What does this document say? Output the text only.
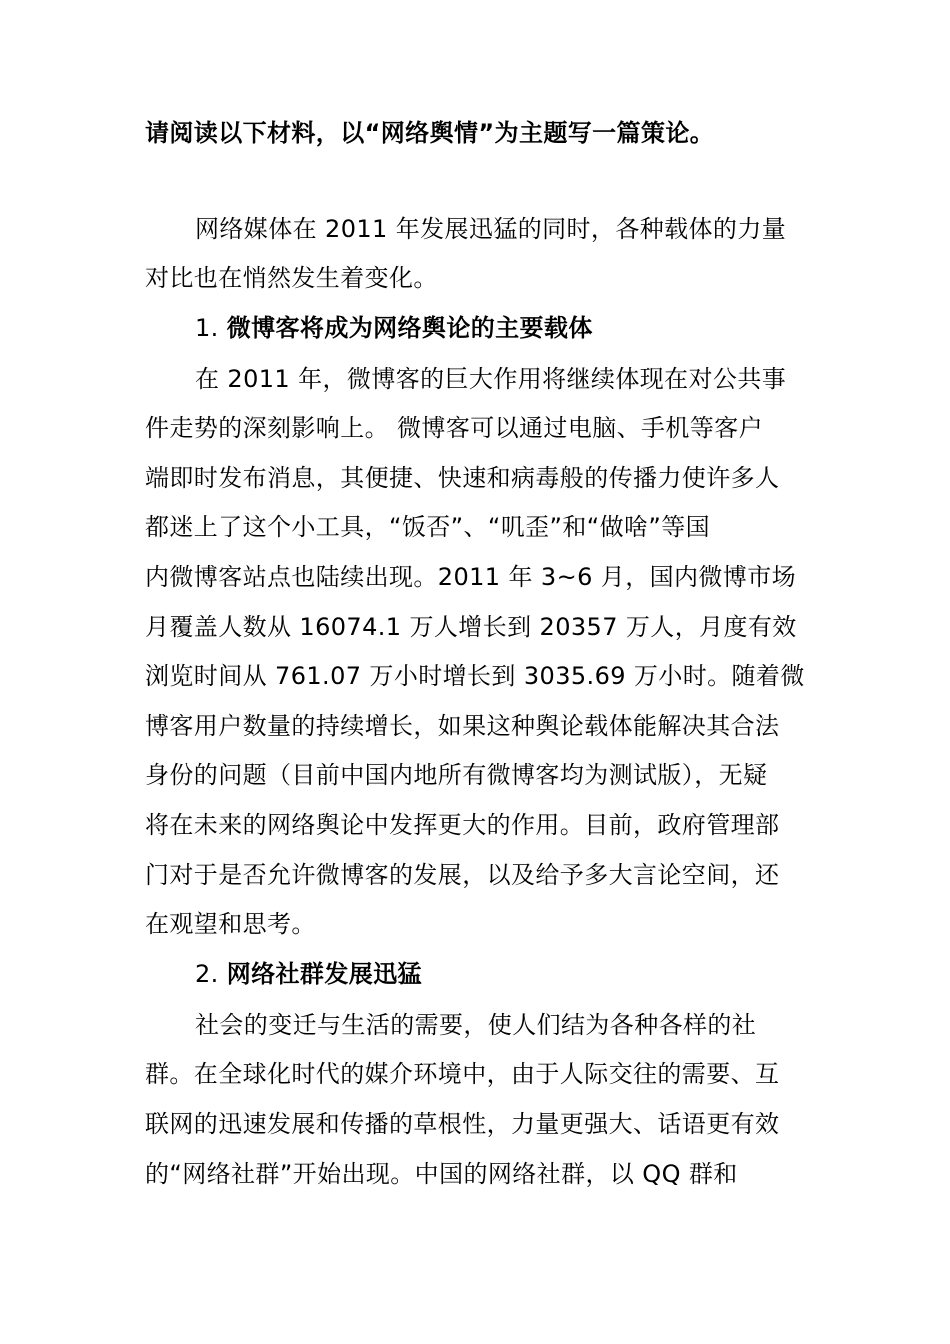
请阅读以下材料，以“网络舆情”为主题写一篇策论。
网络媒体在 2011 年发展迅猛的同时，各种载体的力量
对比也在悄然发生着变化。
1. 微博客将成为网络舆论的主要载体
在 2011 年，微博客的巨大作用将继续体现在对公共事
件走势的深刻影响上。 微博客可以通过电脑、手机等客户
端即时发布消息，其便捷、快速和病毒般的传播力使许多人
都迷上了这个小工具，“饭否”、“叽歪”和“做啥”等国
内微博客站点也陆续出现。2011 年 3~6 月，国内微博市场
月覆盖人数从 16074.1 万人增长到 20357 万人，月度有效
浏览时间从 761.07 万小时增长到 3035.69 万小时。随着微
博客用户数量的持续增长，如果这种舆论载体能解决其合法
身份的问题（目前中国内地所有微博客均为测试版），无疑
将在未来的网络舆论中发挥更大的作用。目前，政府管理部
门对于是否允许微博客的发展，以及给予多大言论空间，还
在观望和思考。
2. 网络社群发展迅猛
社会的变迁与生活的需要，使人们结为各种各样的社
群。在全球化时代的媒介环境中，由于人际交往的需要、互
联网的迅速发展和传播的草根性，力量更强大、话语更有效
的“网络社群”开始出现。中国的网络社群，以 QQ 群和
